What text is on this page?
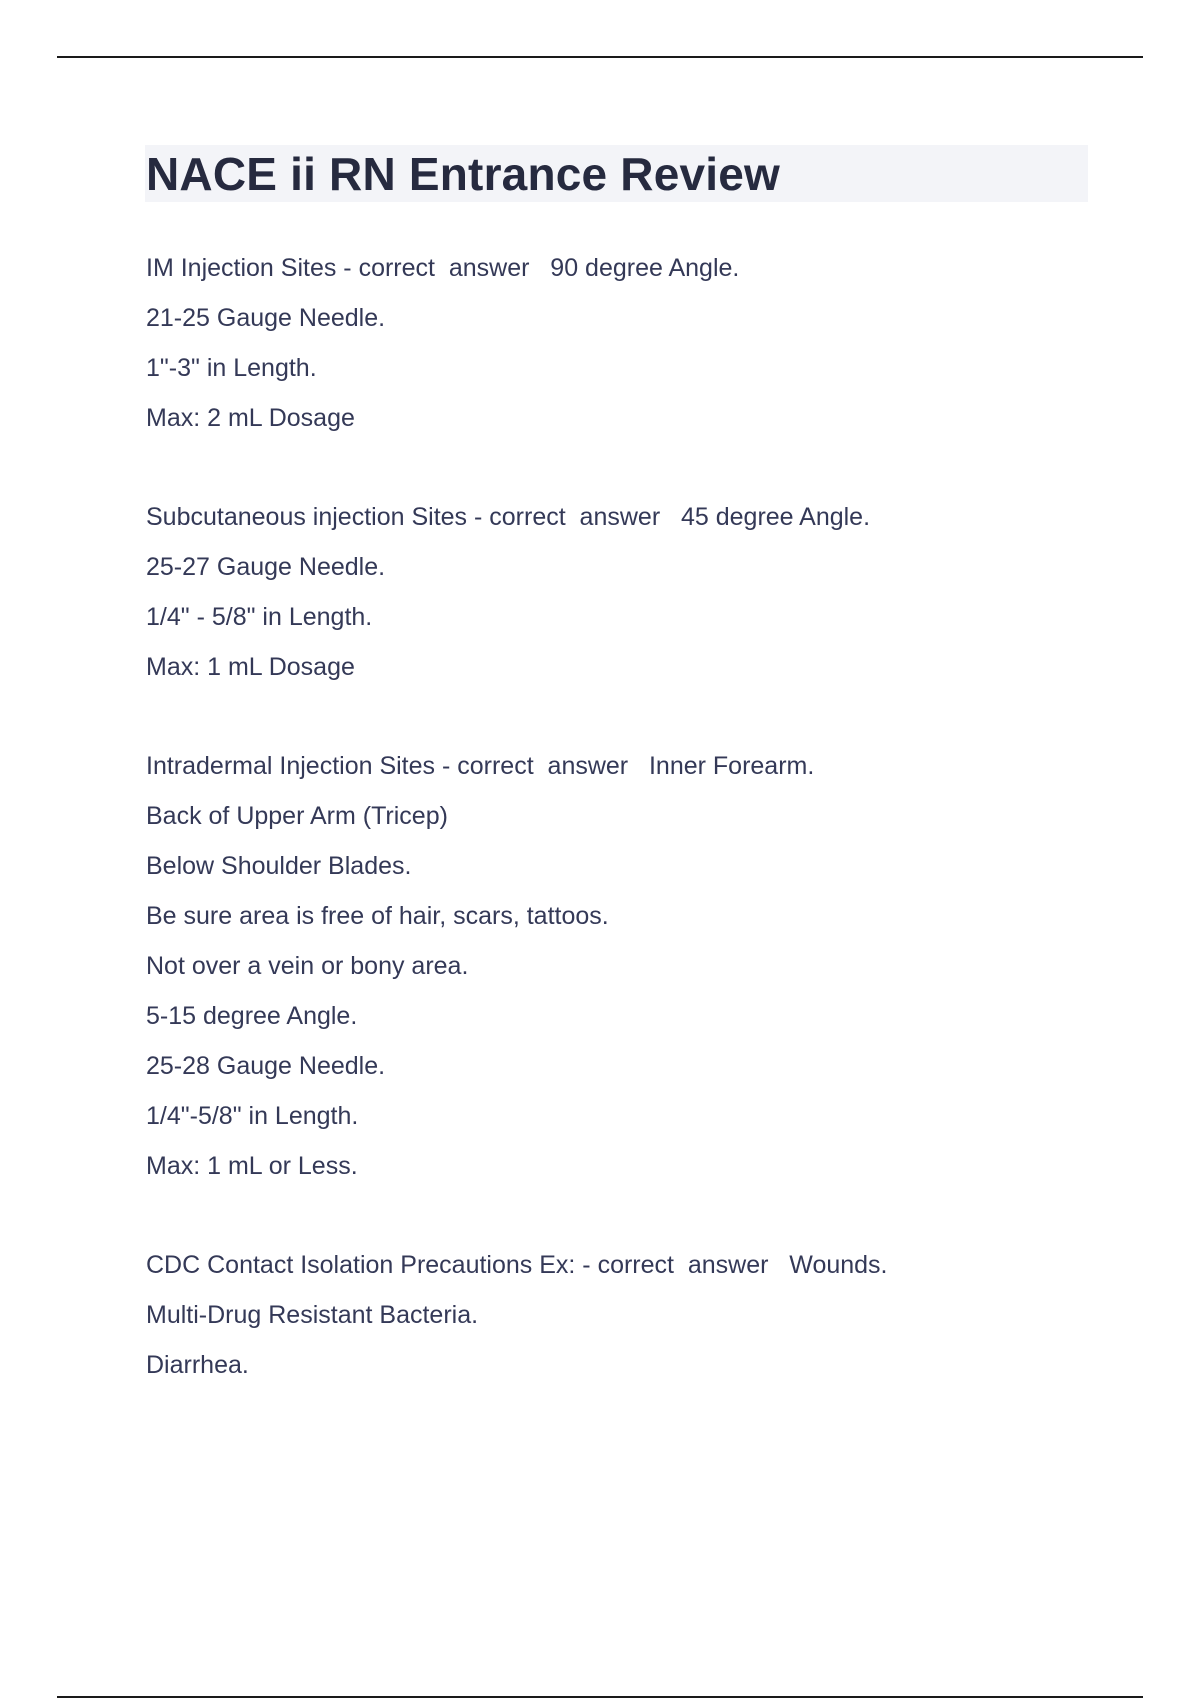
NACE ii RN Entrance Review
IM Injection Sites - correct  answer   90 degree Angle.
21-25 Gauge Needle.
1"-3" in Length.
Max: 2 mL Dosage
Subcutaneous injection Sites - correct  answer   45 degree Angle.
25-27 Gauge Needle.
1/4" - 5/8" in Length.
Max: 1 mL Dosage
Intradermal Injection Sites - correct  answer   Inner Forearm.
Back of Upper Arm (Tricep)
Below Shoulder Blades.
Be sure area is free of hair, scars, tattoos.
Not over a vein or bony area.
5-15 degree Angle.
25-28 Gauge Needle.
1/4"-5/8" in Length.
Max: 1 mL or Less.
CDC Contact Isolation Precautions Ex: - correct  answer   Wounds.
Multi-Drug Resistant Bacteria.
Diarrhea.
